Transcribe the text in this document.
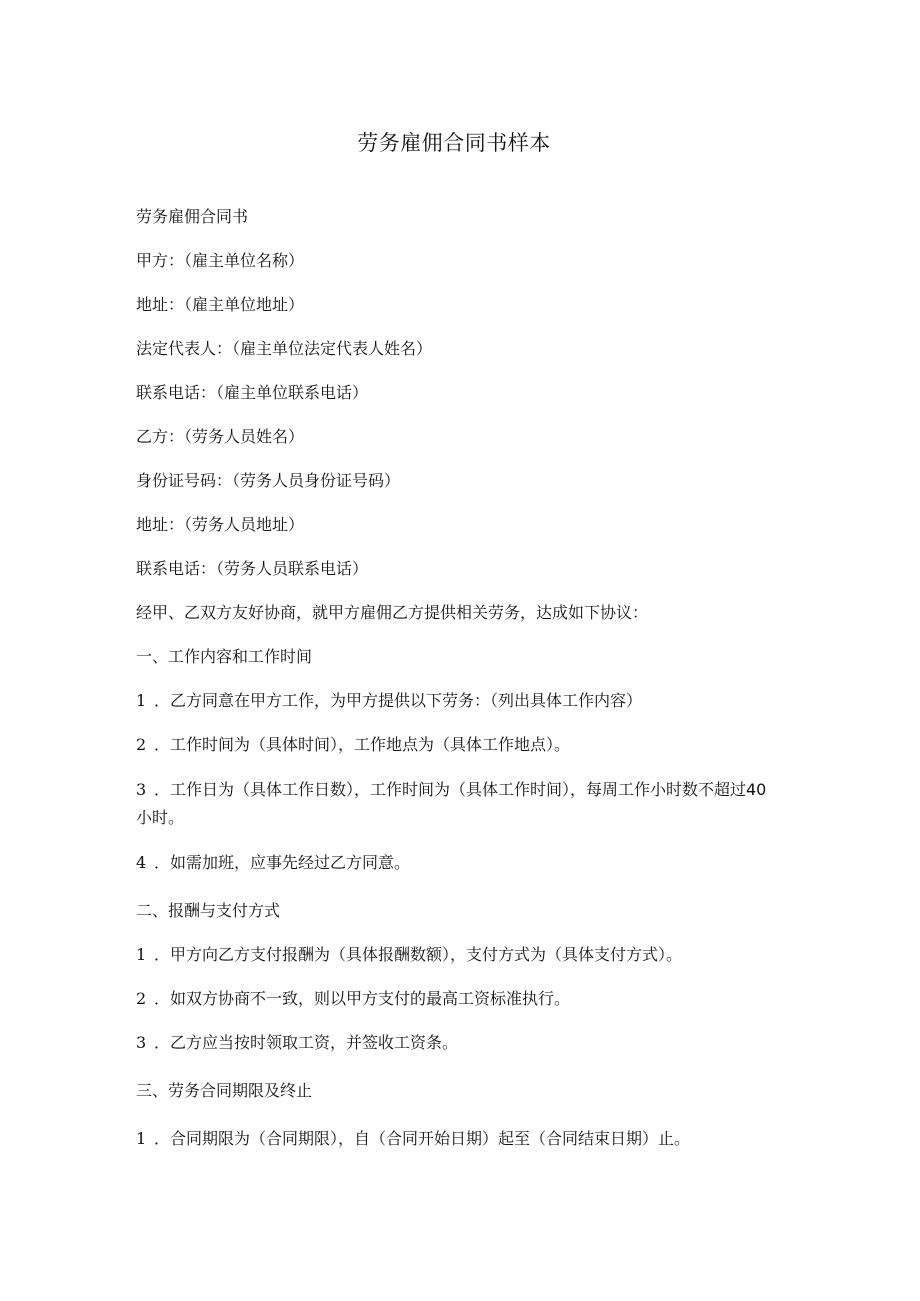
劳务雇佣合同书样本

劳务雇佣合同书

甲方：（雇主单位名称）

地址：（雇主单位地址）

法定代表人：（雇主单位法定代表人姓名）

联系电话：（雇主单位联系电话）

乙方：（劳务人员姓名）

身份证号码：（劳务人员身份证号码）

地址：（劳务人员地址）

联系电话：（劳务人员联系电话）

经甲、乙双方友好协商，就甲方雇佣乙方提供相关劳务，达成如下协议：

一、工作内容和工作时间

1 ．乙方同意在甲方工作，为甲方提供以下劳务：（列出具体工作内容）

2 ．工作时间为（具体时间），工作地点为（具体工作地点）。

3 ．工作日为（具体工作日数），工作时间为（具体工作时间），每周工作小时数不超过40小时。

4 ．如需加班，应事先经过乙方同意。

二、报酬与支付方式

1 ．甲方向乙方支付报酬为（具体报酬数额），支付方式为（具体支付方式）。

2 ．如双方协商不一致，则以甲方支付的最高工资标准执行。

3 ．乙方应当按时领取工资，并签收工资条。

三、劳务合同期限及终止

1 ．合同期限为（合同期限），自（合同开始日期）起至（合同结束日期）止。
